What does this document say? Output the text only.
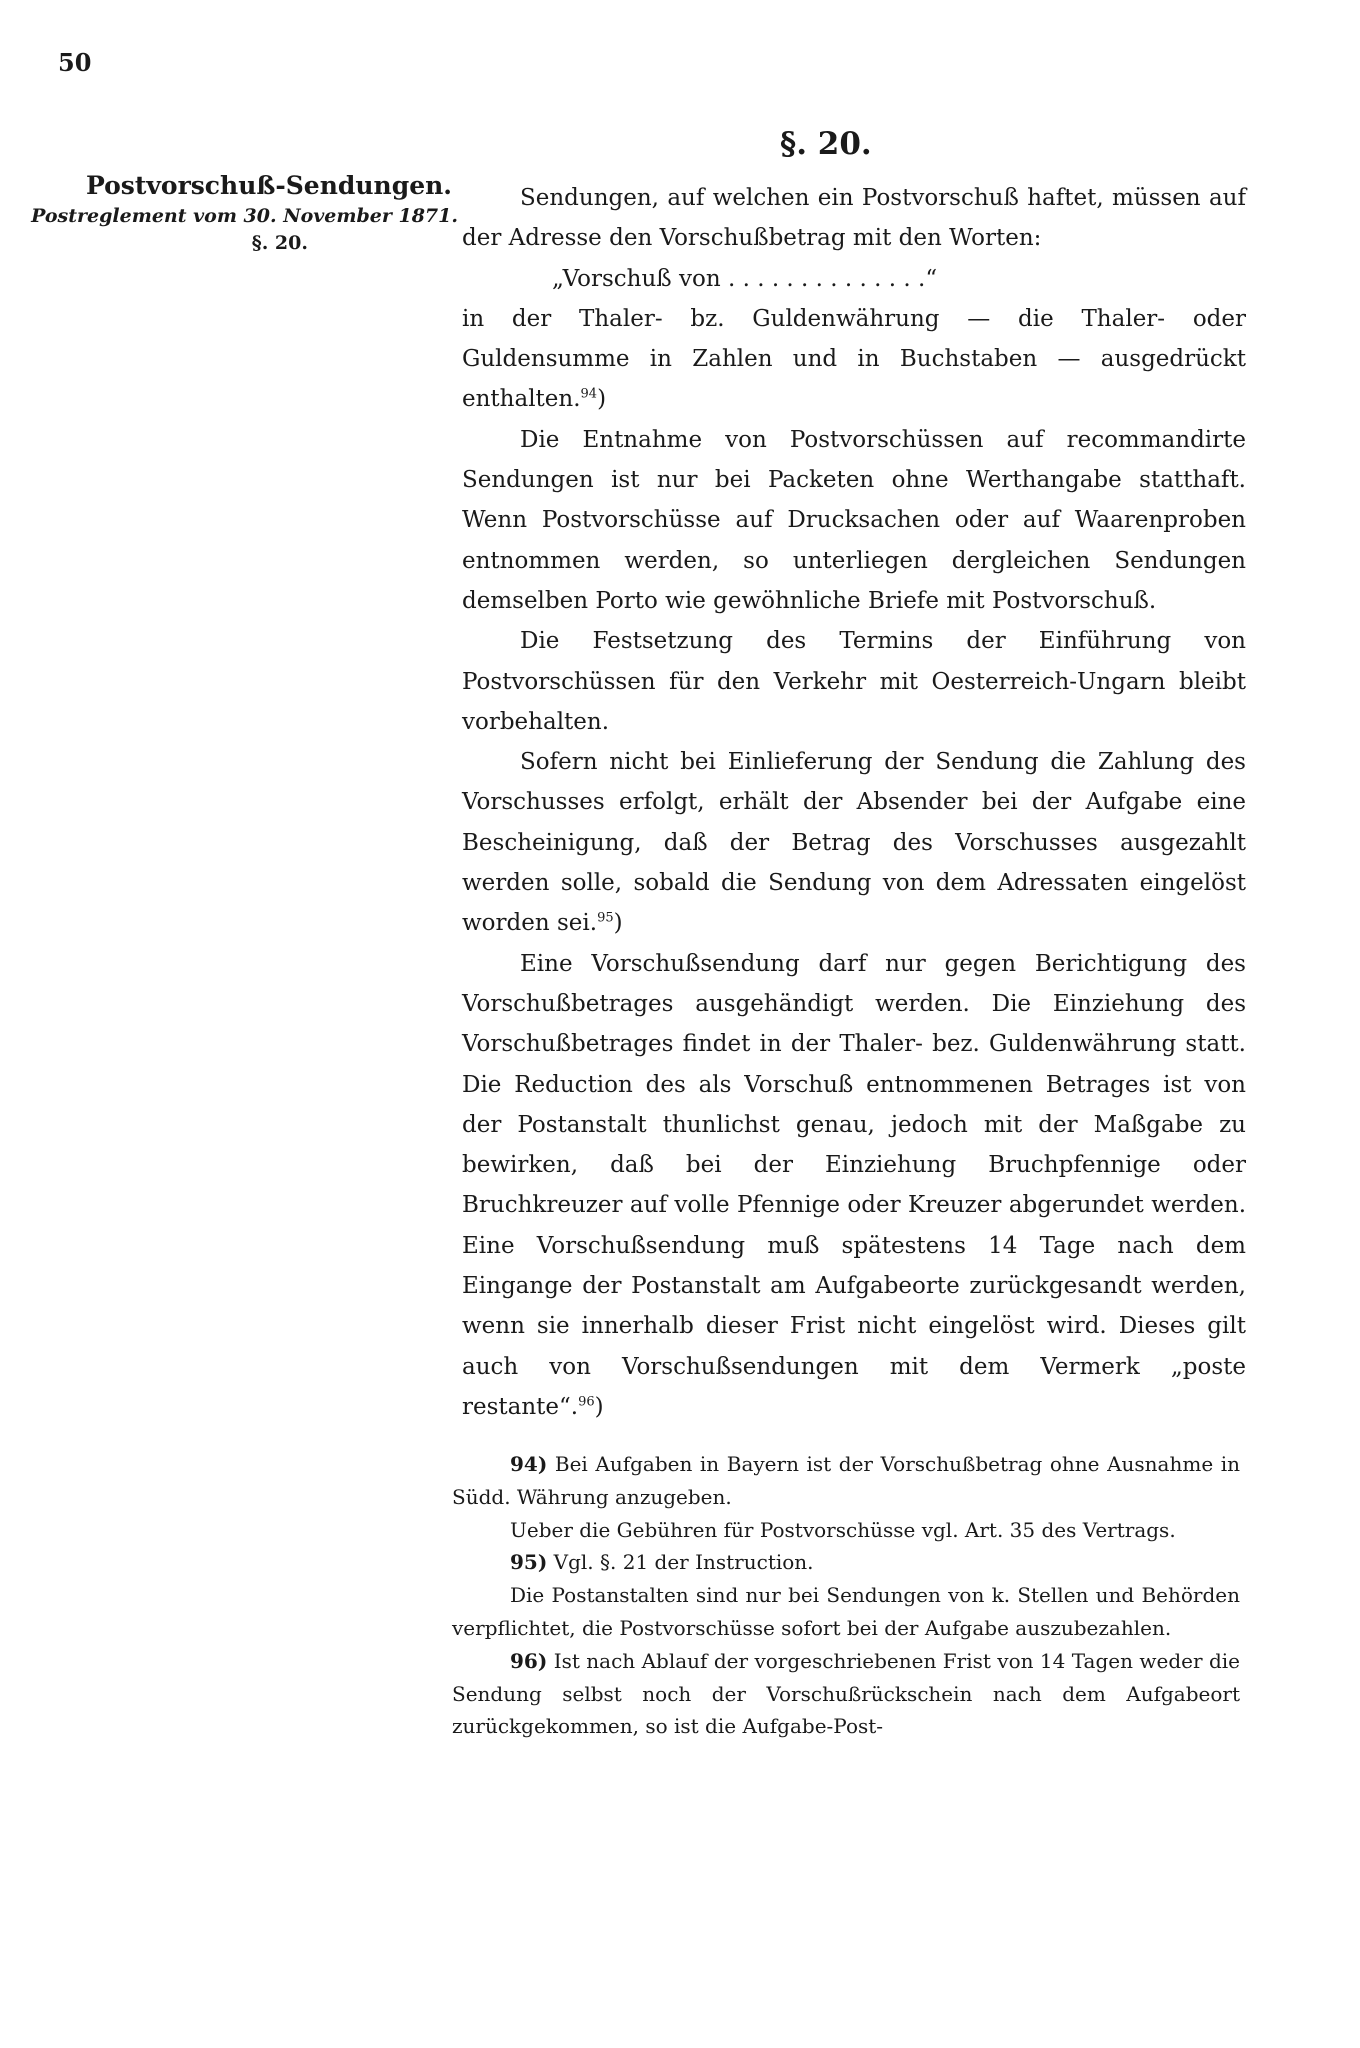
50
Postvorschuß-Sendungen.
Postreglement vom 30. November 1871.
§. 20.
§. 20.

Sendungen, auf welchen ein Postvorschuß haftet, müssen auf der Adresse den Vorschußbetrag mit den Worten:

„Vorschuß von . . . . . . . . . . . . . .“

in der Thaler- bz. Guldenwährung — die Thaler- oder Guldensumme in Zahlen und in Buchstaben — ausgedrückt enthalten.$^{94}$)

Die Entnahme von Postvorschüssen auf recommandirte Sendungen ist nur bei Packeten ohne Werthangabe statthaft. Wenn Postvorschüsse auf Drucksachen oder auf Waarenproben entnommen werden, so unterliegen dergleichen Sendungen demselben Porto wie gewöhnliche Briefe mit Postvorschuß.

Die Festsetzung des Termins der Einführung von Postvorschüssen für den Verkehr mit Oesterreich-Ungarn bleibt vorbehalten.

Sofern nicht bei Einlieferung der Sendung die Zahlung des Vorschusses erfolgt, erhält der Absender bei der Aufgabe eine Bescheinigung, daß der Betrag des Vorschusses ausgezahlt werden solle, sobald die Sendung von dem Adressaten eingelöst worden sei.$^{95}$)

Eine Vorschußsendung darf nur gegen Berichtigung des Vorschußbetrages ausgehändigt werden. Die Einziehung des Vorschußbetrages findet in der Thaler- bez. Guldenwährung statt. Die Reduction des als Vorschuß entnommenen Betrages ist von der Postanstalt thunlichst genau, jedoch mit der Maßgabe zu bewirken, daß bei der Einziehung Bruchpfennige oder Bruchkreuzer auf volle Pfennige oder Kreuzer abgerundet werden. Eine Vorschußsendung muß spätestens 14 Tage nach dem Eingange der Postanstalt am Aufgabeorte zurückgesandt werden, wenn sie innerhalb dieser Frist nicht eingelöst wird. Dieses gilt auch von Vorschußsendungen mit dem Vermerk „poste restante“.$^{96}$)

94) Bei Aufgaben in Bayern ist der Vorschußbetrag ohne Ausnahme in Südd. Währung anzugeben.

Ueber die Gebühren für Postvorschüsse vgl. Art. 35 des Vertrags.

95) Vgl. §. 21 der Instruction.

Die Postanstalten sind nur bei Sendungen von k. Stellen und Behörden verpflichtet, die Postvorschüsse sofort bei der Aufgabe auszubezahlen.

96) Ist nach Ablauf der vorgeschriebenen Frist von 14 Tagen weder die Sendung selbst noch der Vorschußrückschein nach dem Aufgabeort zurückgekommen, so ist die Aufgabe-Post-
